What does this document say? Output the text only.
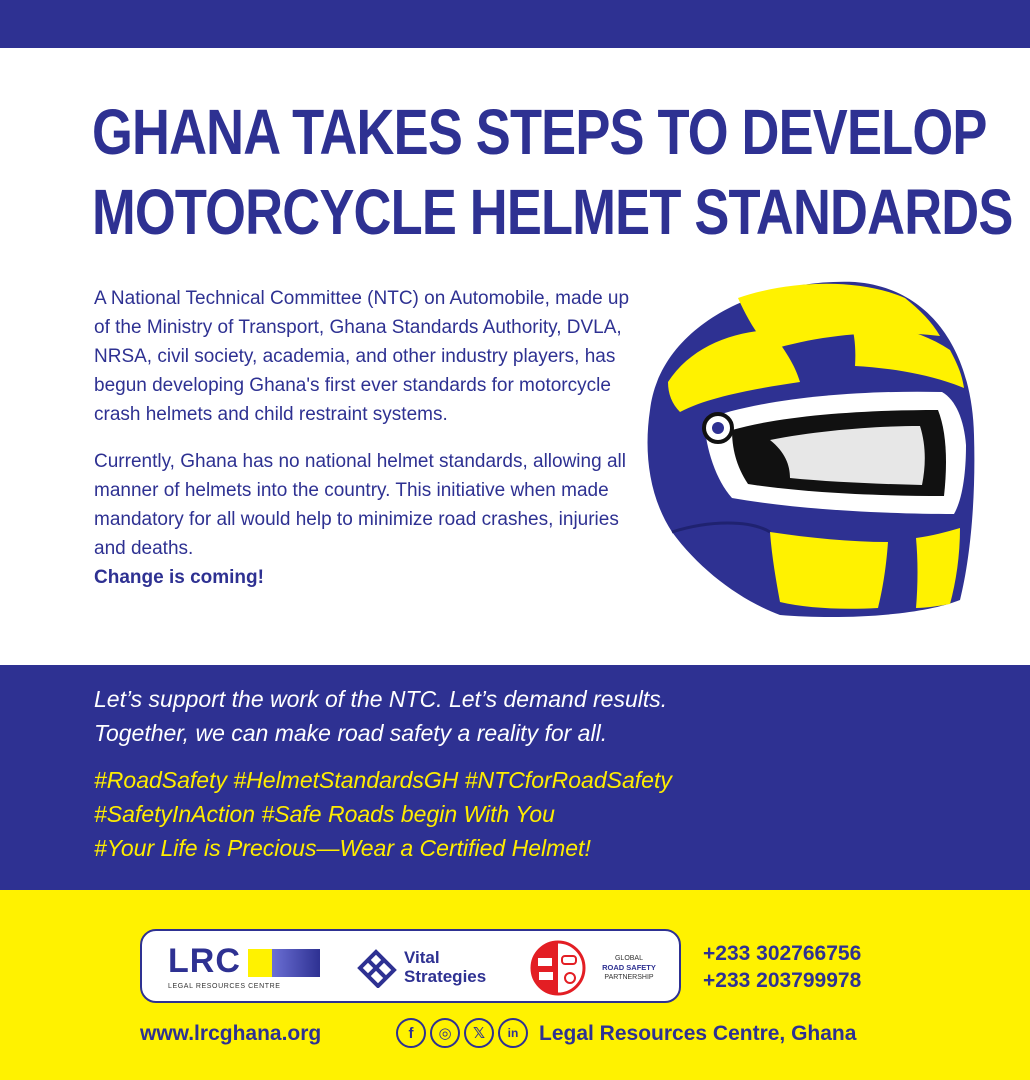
GHANA TAKES STEPS TO DEVELOP
MOTORCYCLE HELMET STANDARDS

A National Technical Committee (NTC) on Automobile, made up of the Ministry of Transport, Ghana Standards Authority, DVLA, NRSA, civil society, academia, and other industry players, has begun developing Ghana's first ever standards for motorcycle crash helmets and child restraint systems.

Currently, Ghana has no national helmet standards, allowing all manner of helmets into the country. This initiative when made mandatory for all would help to minimize road crashes, injuries and deaths.
Change is coming!

Let’s support the work of the NTC. Let’s demand results.
Together, we can make road safety a reality for all.
#RoadSafety #HelmetStandardsGH #NTCforRoadSafety
#SafetyInAction #Safe Roads begin With You
#Your Life is Precious—Wear a Certified Helmet!
LRC
LEGAL RESOURCES CENTRE
Vital
Strategies
GLOBAL
ROAD SAFETY
PARTNERSHIP
+233 302766756
+233 203799978
www.lrcghana.org	f	◎	𝕏	in Legal Resources Centre, Ghana
